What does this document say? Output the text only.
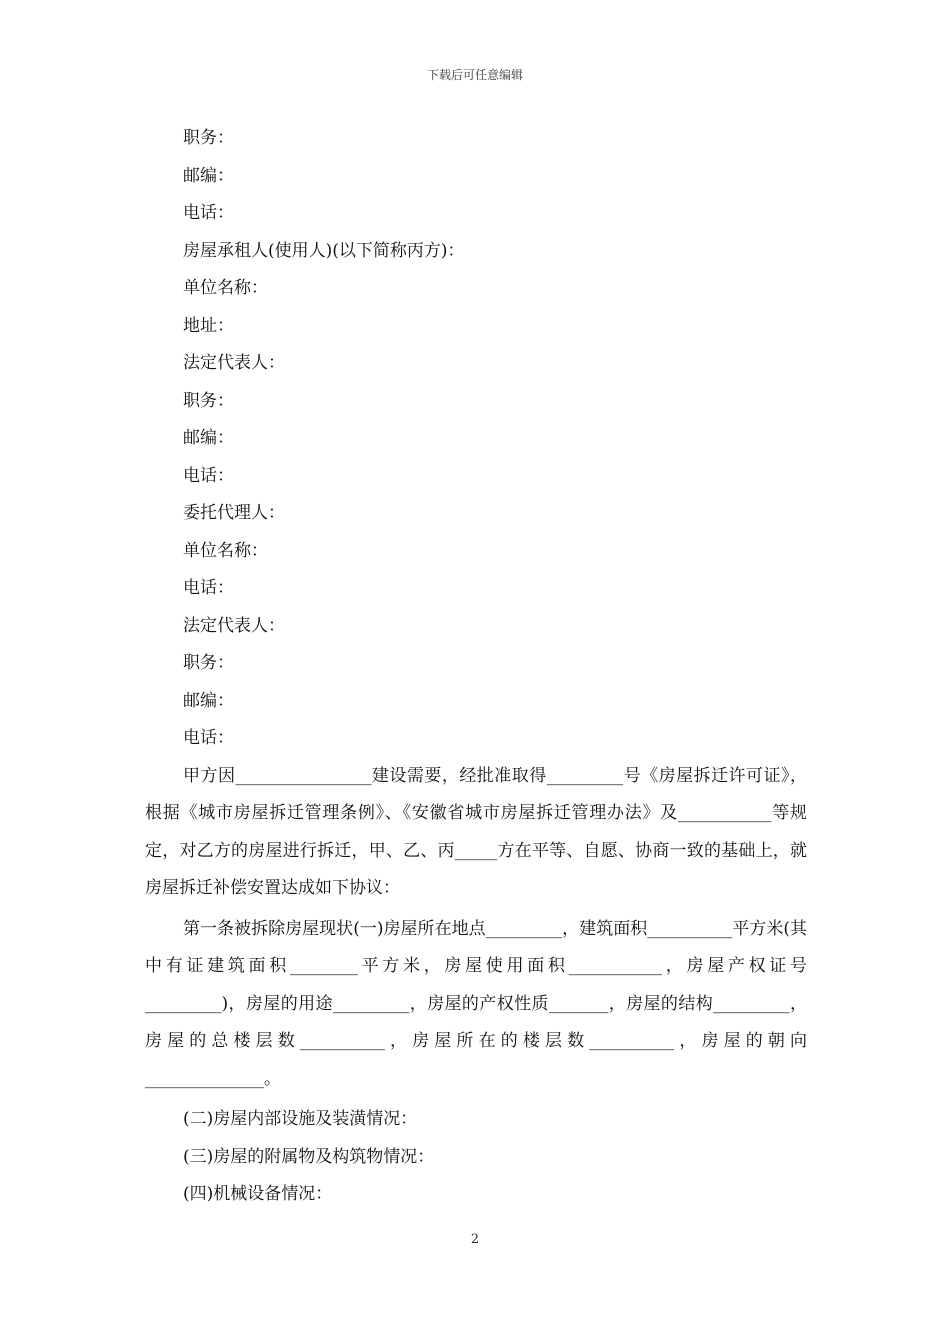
下载后可任意编辑
职务：
邮编：
电话：
房屋承租人(使用人)(以下简称丙方)：
单位名称：
地址：
法定代表人：
职务：
邮编：
电话：
委托代理人：
单位名称：
电话：
法定代表人：
职务：
邮编：
电话：

甲方因________________建设需要，经批准取得_________号《房屋拆迁许可证》，根据《城市房屋拆迁管理条例》、《安徽省城市房屋拆迁管理办法》及___________等规定，对乙方的房屋进行拆迁，甲、乙、丙_____方在平等、自愿、协商一致的基础上，就房屋拆迁补偿安置达成如下协议：

第一条被拆除房屋现状(一)房屋所在地点_________，建筑面积__________平方米(其中有证建筑面积________平方米，房屋使用面积___________，房屋产权证号_________)，房屋的用途_________，房屋的产权性质_______，房屋的结构_________，房屋的总楼层数__________，房屋所在的楼层数__________，房屋的朝向______________。

(二)房屋内部设施及装潢情况：
(三)房屋的附属物及构筑物情况：
(四)机械设备情况：
2
